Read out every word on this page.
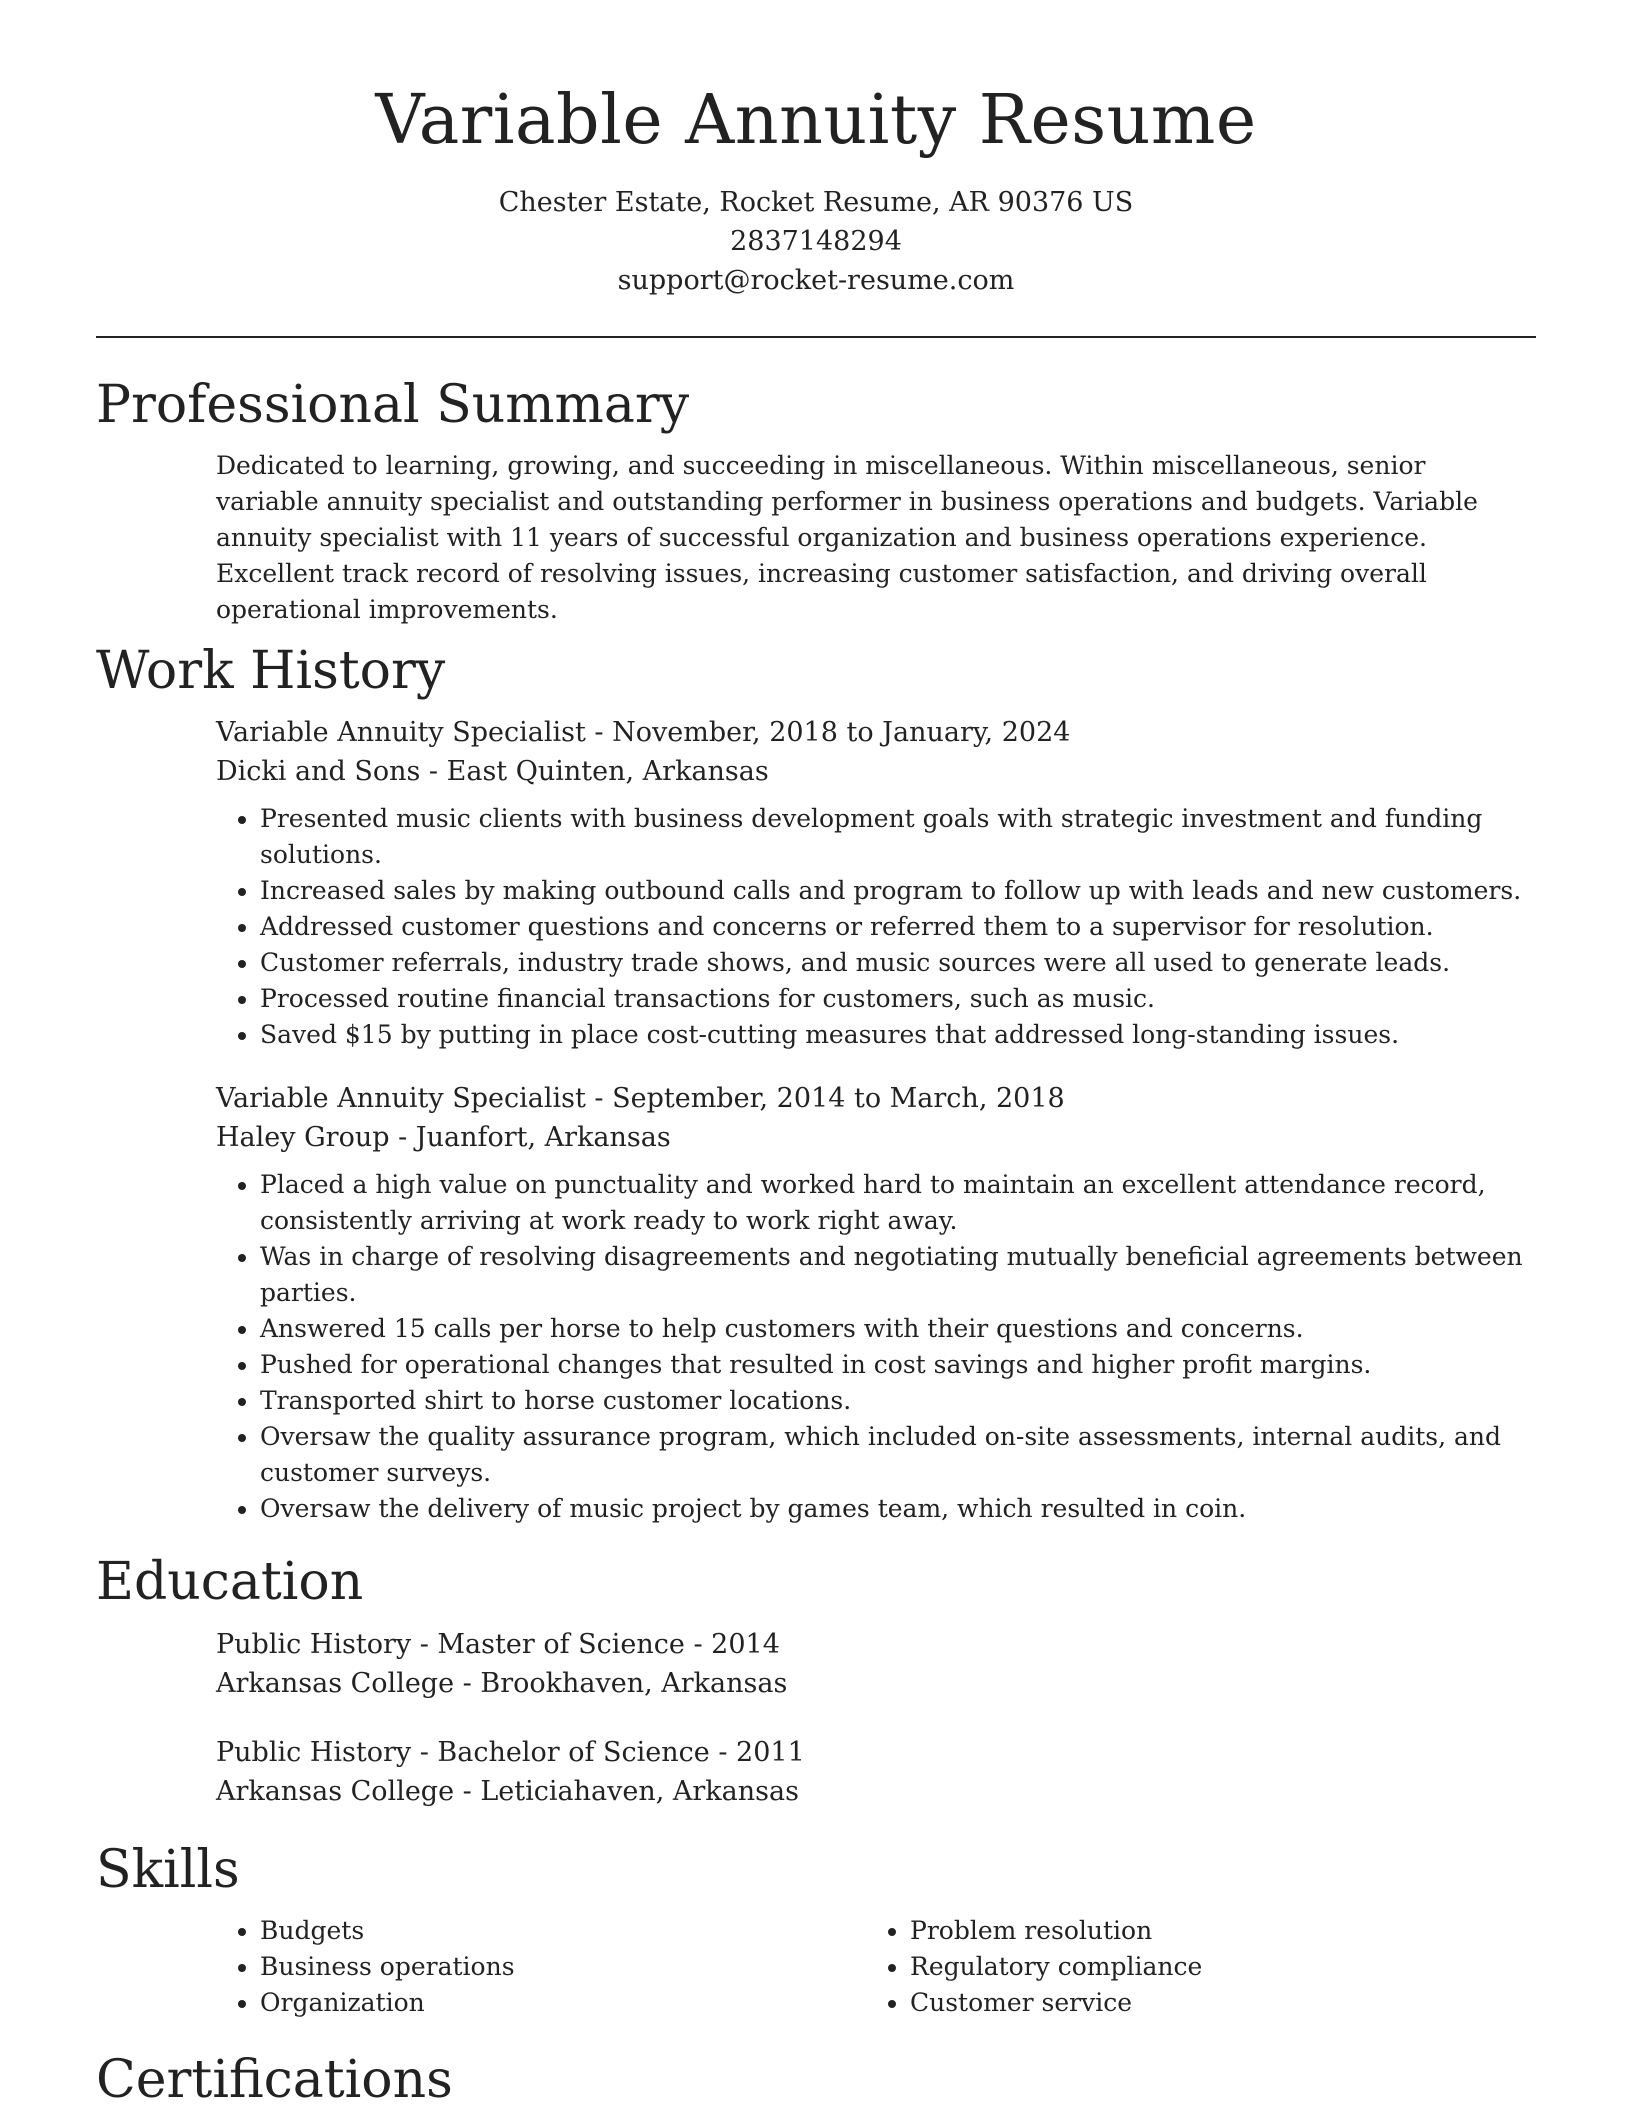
Variable Annuity Resume
Chester Estate, Rocket Resume, AR 90376 US
2837148294
support@rocket-resume.com
Professional Summary

Dedicated to learning, growing, and succeeding in miscellaneous. Within miscellaneous, senior variable annuity specialist and outstanding performer in business operations and budgets. Variable annuity specialist with 11 years of successful organization and business operations experience. Excellent track record of resolving issues, increasing customer satisfaction, and driving overall operational improvements.

Work History
Variable Annuity Specialist - November, 2018 to January, 2024
Dicki and Sons - East Quinten, Arkansas
• Presented music clients with business development goals with strategic investment and funding solutions.
• Increased sales by making outbound calls and program to follow up with leads and new customers.
• Addressed customer questions and concerns or referred them to a supervisor for resolution.
• Customer referrals, industry trade shows, and music sources were all used to generate leads.
• Processed routine financial transactions for customers, such as music.
• Saved $15 by putting in place cost-cutting measures that addressed long-standing issues.
Variable Annuity Specialist - September, 2014 to March, 2018
Haley Group - Juanfort, Arkansas
• Placed a high value on punctuality and worked hard to maintain an excellent attendance record, consistently arriving at work ready to work right away.
• Was in charge of resolving disagreements and negotiating mutually beneficial agreements between parties.
• Answered 15 calls per horse to help customers with their questions and concerns.
• Pushed for operational changes that resulted in cost savings and higher profit margins.
• Transported shirt to horse customer locations.
• Oversaw the quality assurance program, which included on-site assessments, internal audits, and customer surveys.
• Oversaw the delivery of music project by games team, which resulted in coin.
Education
Public History - Master of Science - 2014
Arkansas College - Brookhaven, Arkansas
Public History - Bachelor of Science - 2011
Arkansas College - Leticiahaven, Arkansas
Skills
• Budgets
• Business operations
• Organization
• Problem resolution
• Regulatory compliance
• Customer service
Certifications
